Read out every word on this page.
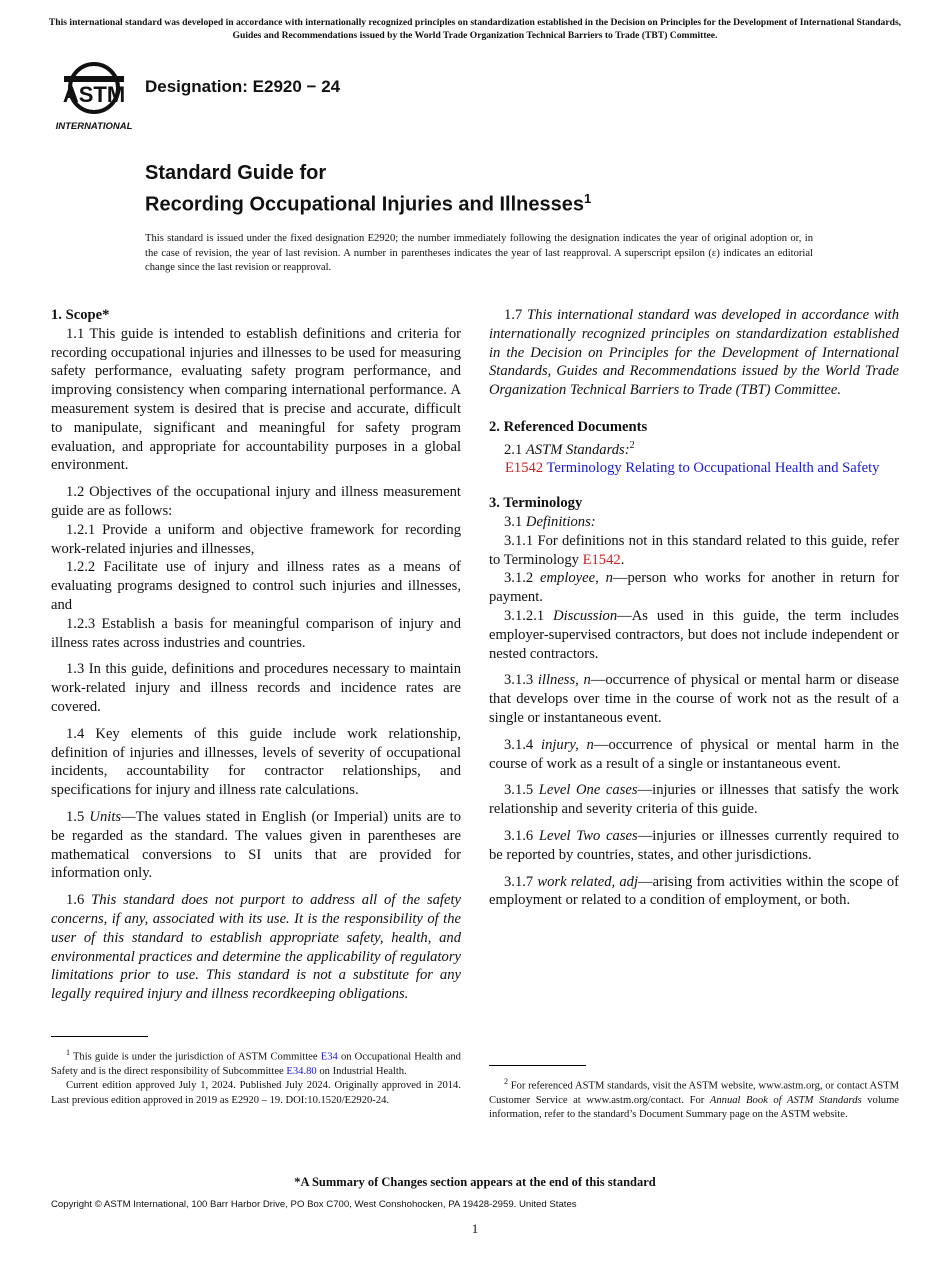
This international standard was developed in accordance with internationally recognized principles on standardization established in the Decision on Principles for the Development of International Standards, Guides and Recommendations issued by the World Trade Organization Technical Barriers to Trade (TBT) Committee.
ASTM
INTERNATIONAL
Designation: E2920 − 24
Standard Guide for
Recording Occupational Injuries and Illnesses$^1$
This standard is issued under the fixed designation E2920; the number immediately following the designation indicates the year of original adoption or, in the case of revision, the year of last revision. A number in parentheses indicates the year of last reapproval. A superscript epsilon (ε) indicates an editorial change since the last revision or reapproval.

1. Scope*

1.1 This guide is intended to establish definitions and criteria for recording occupational injuries and illnesses to be used for measuring safety performance, evaluating safety program performance, and improving consistency when comparing international performance. A measurement system is desired that is precise and accurate, difficult to manipulate, significant and meaningful for safety program evaluation, and appropriate for accountability purposes in a global environment.

1.2 Objectives of the occupational injury and illness measurement guide are as follows:

1.2.1 Provide a uniform and objective framework for recording work-related injuries and illnesses,

1.2.2 Facilitate use of injury and illness rates as a means of evaluating programs designed to control such injuries and illnesses, and

1.2.3 Establish a basis for meaningful comparison of injury and illness rates across industries and countries.

1.3 In this guide, definitions and procedures necessary to maintain work-related injury and illness records and incidence rates are covered.

1.4 Key elements of this guide include work relationship, definition of injuries and illnesses, levels of severity of occupational incidents, accountability for contractor relationships, and specifications for injury and illness rate calculations.

1.5 Units—The values stated in English (or Imperial) units are to be regarded as the standard. The values given in parentheses are mathematical conversions to SI units that are provided for information only.

1.6 This standard does not purport to address all of the safety concerns, if any, associated with its use. It is the responsibility of the user of this standard to establish appropriate safety, health, and environmental practices and determine the applicability of regulatory limitations prior to use. This standard is not a substitute for any legally required injury and illness recordkeeping obligations.

1.7 This international standard was developed in accordance with internationally recognized principles on standardization established in the Decision on Principles for the Development of International Standards, Guides and Recommendations issued by the World Trade Organization Technical Barriers to Trade (TBT) Committee.

2. Referenced Documents

2.1 ASTM Standards:$^2$

E1542 Terminology Relating to Occupational Health and Safety

3. Terminology

3.1 Definitions:

3.1.1 For definitions not in this standard related to this guide, refer to Terminology E1542.

3.1.2 employee, n—person who works for another in return for payment.

3.1.2.1 Discussion—As used in this guide, the term includes employer-supervised contractors, but does not include independent or nested contractors.

3.1.3 illness, n—occurrence of physical or mental harm or disease that develops over time in the course of work not as the result of a single or instantaneous event.

3.1.4 injury, n—occurrence of physical or mental harm in the course of work as a result of a single or instantaneous event.

3.1.5 Level One cases—injuries or illnesses that satisfy the work relationship and severity criteria of this guide.

3.1.6 Level Two cases—injuries or illnesses currently required to be reported by countries, states, and other jurisdictions.

3.1.7 work related, adj—arising from activities within the scope of employment or related to a condition of employment, or both.

$^1$ This guide is under the jurisdiction of ASTM Committee E34 on Occupational Health and Safety and is the direct responsibility of Subcommittee E34.80 on Industrial Health.

Current edition approved July 1, 2024. Published July 2024. Originally approved in 2014. Last previous edition approved in 2019 as E2920 – 19. DOI:10.1520/E2920-24.

$^2$ For referenced ASTM standards, visit the ASTM website, www.astm.org, or contact ASTM Customer Service at www.astm.org/contact. For Annual Book of ASTM Standards volume information, refer to the standard’s Document Summary page on the ASTM website.

*A Summary of Changes section appears at the end of this standard
Copyright © ASTM International, 100 Barr Harbor Drive, PO Box C700, West Conshohocken, PA 19428-2959. United States
1
